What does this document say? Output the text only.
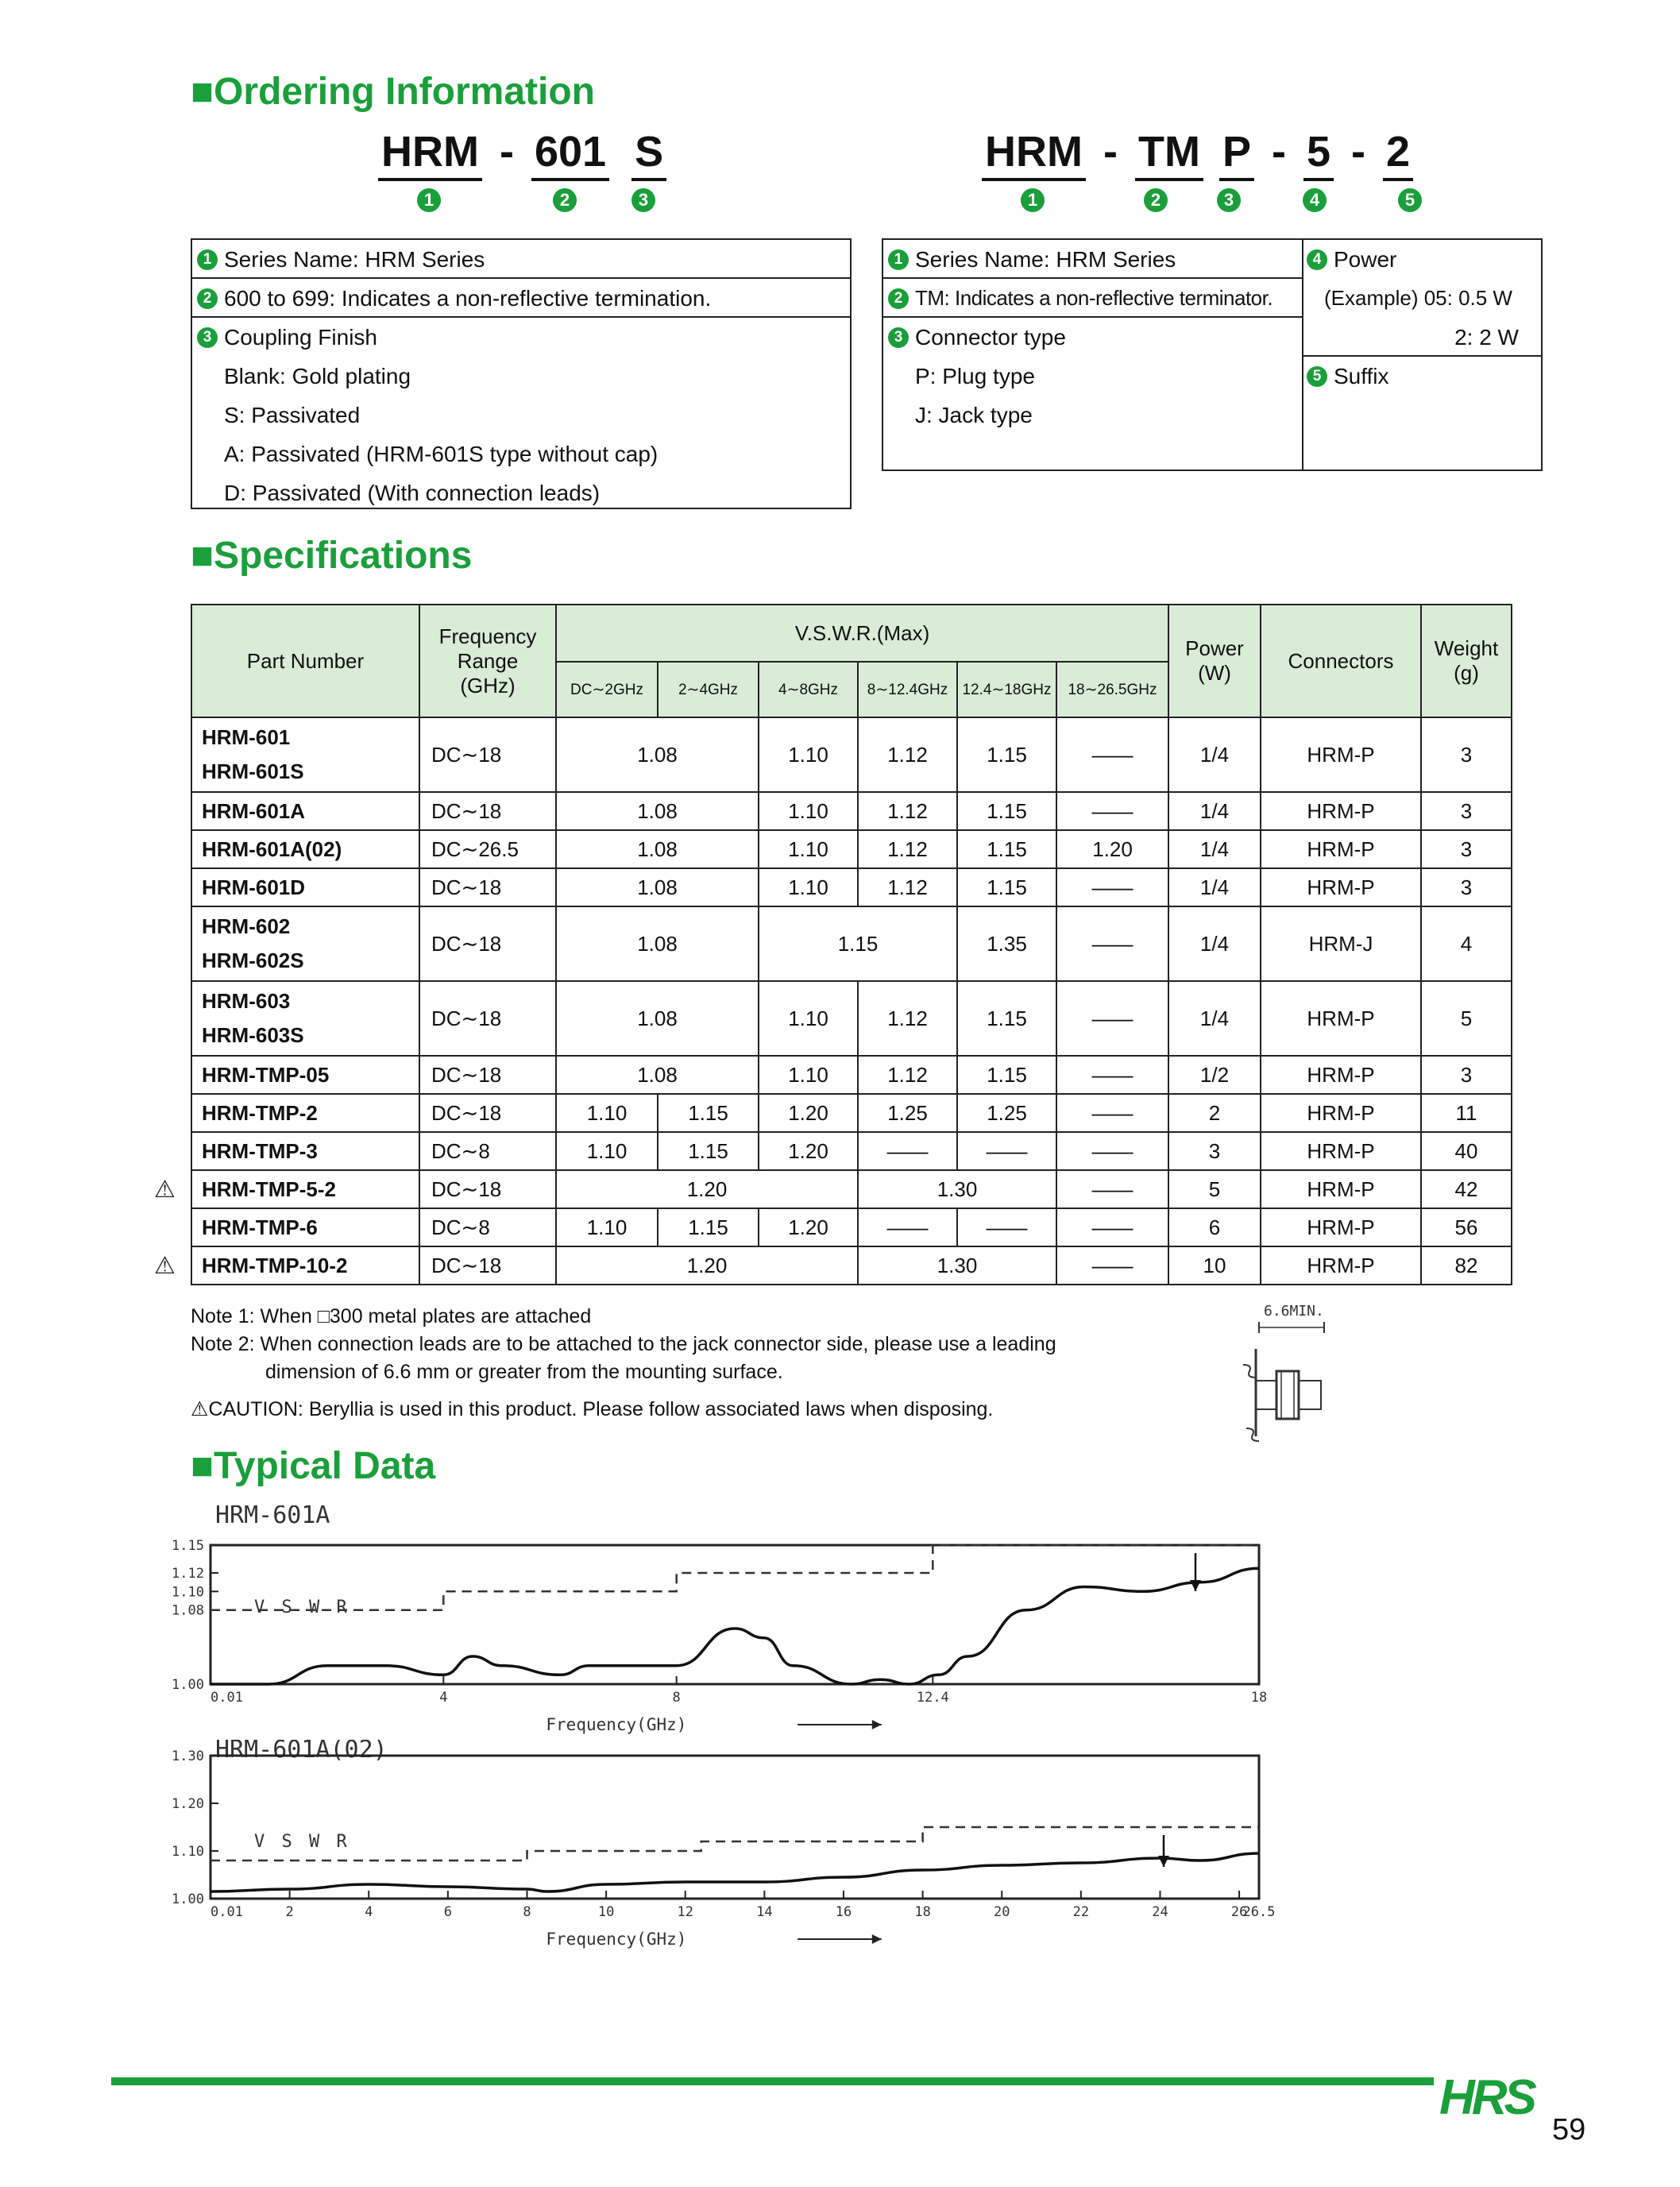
■Ordering Information
HRM - 601 S
1	2	3
HRM - TM P - 5 - 2
1	2	3	4	5
1 Series Name: HRM Series
2 600 to 699: Indicates a non-reflective termination.
3 Coupling Finish
Blank: Gold plating
S: Passivated
A: Passivated (HRM-601S type without cap)
D: Passivated (With connection leads)
1 Series Name: HRM Series
2 TM: Indicates a non-reflective terminator.
3 Connector type
P: Plug type
J: Jack type
4 Power
(Example) 05: 0.5 W
2: 2 W
5 Suffix
■Specifications
Part Number	Frequency Range (GHz)	V.S.W.R.(Max)						Power (W)	Connectors	Weight (g)
		DC∼2GHz	2∼4GHz	4∼8GHz	8∼12.4GHz	12.4∼18GHz	18∼26.5GHz			

HRM-601
HRM-601S	DC∼18	1.08		1.10	1.12	1.15	——	1/4	HRM-P	3
HRM-601A	DC∼18	1.08		1.10	1.12	1.15	——	1/4	HRM-P	3
HRM-601A(02)	DC∼26.5	1.08		1.10	1.12	1.15	1.20	1/4	HRM-P	3
HRM-601D	DC∼18	1.08		1.10	1.12	1.15	——	1/4	HRM-P	3

HRM-602
HRM-602S	DC∼18	1.08		1.15		1.35	——	1/4	HRM-J	4

HRM-603
HRM-603S	DC∼18	1.08		1.10	1.12	1.15	——	1/4	HRM-P	5
HRM-TMP-05	DC∼18	1.08		1.10	1.12	1.15	——	1/2	HRM-P	3
HRM-TMP-2	DC∼18	1.10	1.15	1.20	1.25	1.25	——	2	HRM-P	11
HRM-TMP-3	DC∼8	1.10	1.15	1.20	——	——	——	3	HRM-P	40
HRM-TMP-5-2	DC∼18	1.20			1.30		——	5	HRM-P	42
HRM-TMP-6	DC∼8	1.10	1.15	1.20	——	——	——	6	HRM-P	56
HRM-TMP-10-2	DC∼18	1.20			1.30		——	10	HRM-P	82
⚠
⚠
Note 1: When □300 metal plates are attached
Note 2: When connection leads are to be attached to the jack connector side, please use a leading
dimension of 6.6 mm or greater from the mounting surface.
⚠CAUTION: Beryllia is used in this product. Please follow associated laws when disposing.
6.6MIN.
■Typical Data
HRM-601A
1.00
1.08
1.10
1.12
1.15
0.01	4	8	12.4	18
V S W R
Frequency(GHz)
HRM-601A(02)
1.00
1.10
1.20
1.30
0.01	2	4	6	8	10	12	14	16	18	20	22	24	26
26.5
V S W R
Frequency(GHz)
HRS
59
